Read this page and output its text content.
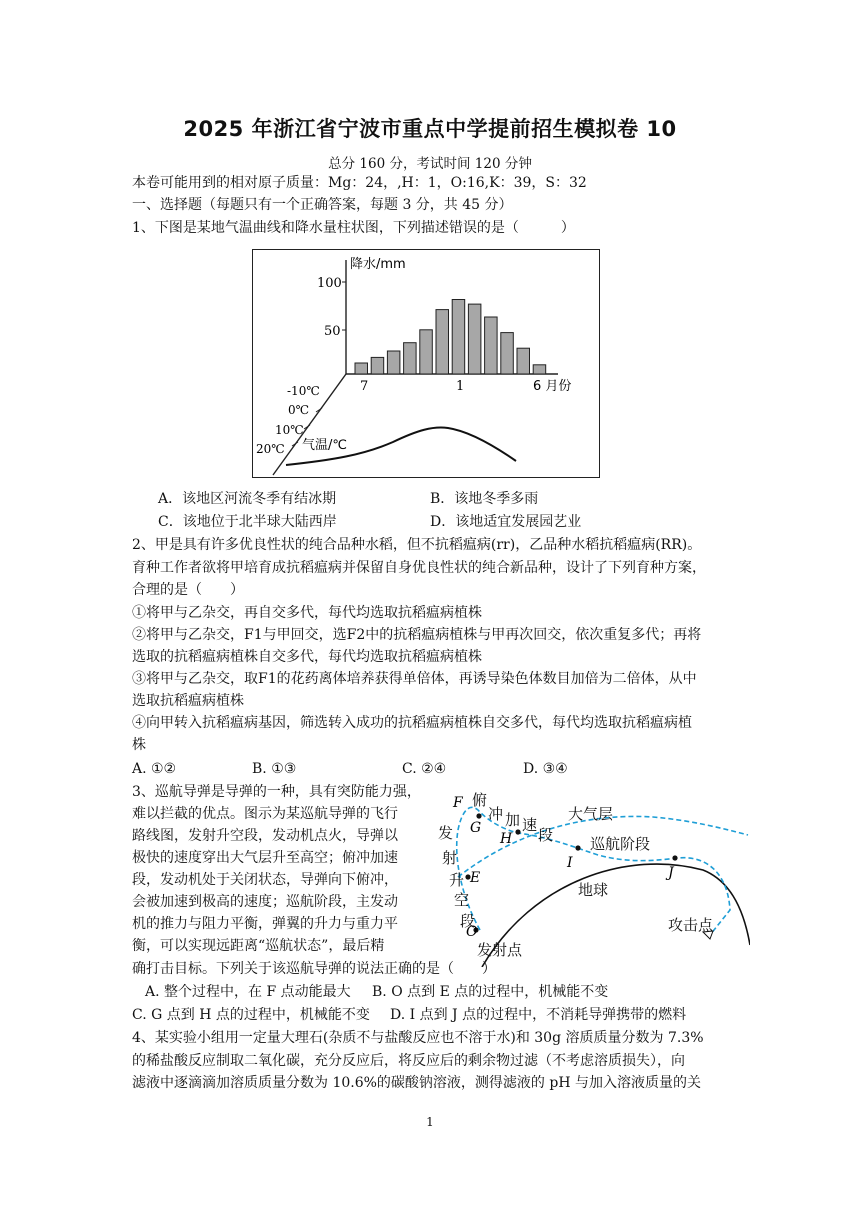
2025 年浙江省宁波市重点中学提前招生模拟卷 10
总分 160 分，考试时间 120 分钟
本卷可能用到的相对原子质量：Mg：24，,H：1，O:16,K：39，S：32
一、选择题（每题只有一个正确答案，每题 3 分，共 45 分）
1、下图是某地气温曲线和降水量柱状图，下列描述错误的是（　　　）
降水/mm
100
50
7	1	6 月份
-10℃
0℃
10℃
20℃ 气温/℃
A．该地区河流冬季有结冰期	B．该地冬季多雨
C．该地位于北半球大陆西岸	D．该地适宜发展园艺业
2、甲是具有许多优良性状的纯合品种水稻，但不抗稻瘟病(rr)，乙品种水稻抗稻瘟病(RR)。
育种工作者欲将甲培育成抗稻瘟病并保留自身优良性状的纯合新品种，设计了下列育种方案，
合理的是（　　）
①将甲与乙杂交，再自交多代，每代均选取抗稻瘟病植株
②将甲与乙杂交，F1与甲回交，选F2中的抗稻瘟病植株与甲再次回交，依次重复多代；再将
选取的抗稻瘟病植株自交多代，每代均选取抗稻瘟病植株
③将甲与乙杂交，取F1的花药离体培养获得单倍体，再诱导染色体数目加倍为二倍体，从中
选取抗稻瘟病植株
④向甲转入抗稻瘟病基因，筛选转入成功的抗稻瘟病植株自交多代，每代均选取抗稻瘟病植
株
A. ①②	B. ①③	C. ②④	D. ③④
3、巡航导弹是导弹的一种，具有突防能力强，
难以拦截的优点。图示为某巡航导弹的飞行
路线图，发射升空段，发动机点火，导弹以
极快的速度穿出大气层升至高空；俯冲加速
段，发动机处于关闭状态，导弹向下俯冲，
会被加速到极高的速度；巡航阶段，主发动
机的推力与阻力平衡，弹翼的升力与重力平
衡，可以实现远距离“巡航状态”，最后精
确打击目标。下列关于该巡航导弹的说法正确的是（　　）
F
G
H
I
J
E
O
发
射
升
空
段
俯
冲 加 速
段
大气层
巡航阶段
地球
攻击点
发射点
A. 整个过程中，在 F 点动能最大 B. O 点到 E 点的过程中，机械能不变
C. G 点到 H 点的过程中，机械能不变 D. I 点到 J 点的过程中，不消耗导弹携带的燃料
4、某实验小组用一定量大理石(杂质不与盐酸反应也不溶于水)和 30g 溶质质量分数为 7.3%
的稀盐酸反应制取二氧化碳，充分反应后，将反应后的剩余物过滤（不考虑溶质损失），向
滤液中逐滴滴加溶质质量分数为 10.6%的碳酸钠溶液，测得滤液的 pH 与加入溶液质量的关
1
